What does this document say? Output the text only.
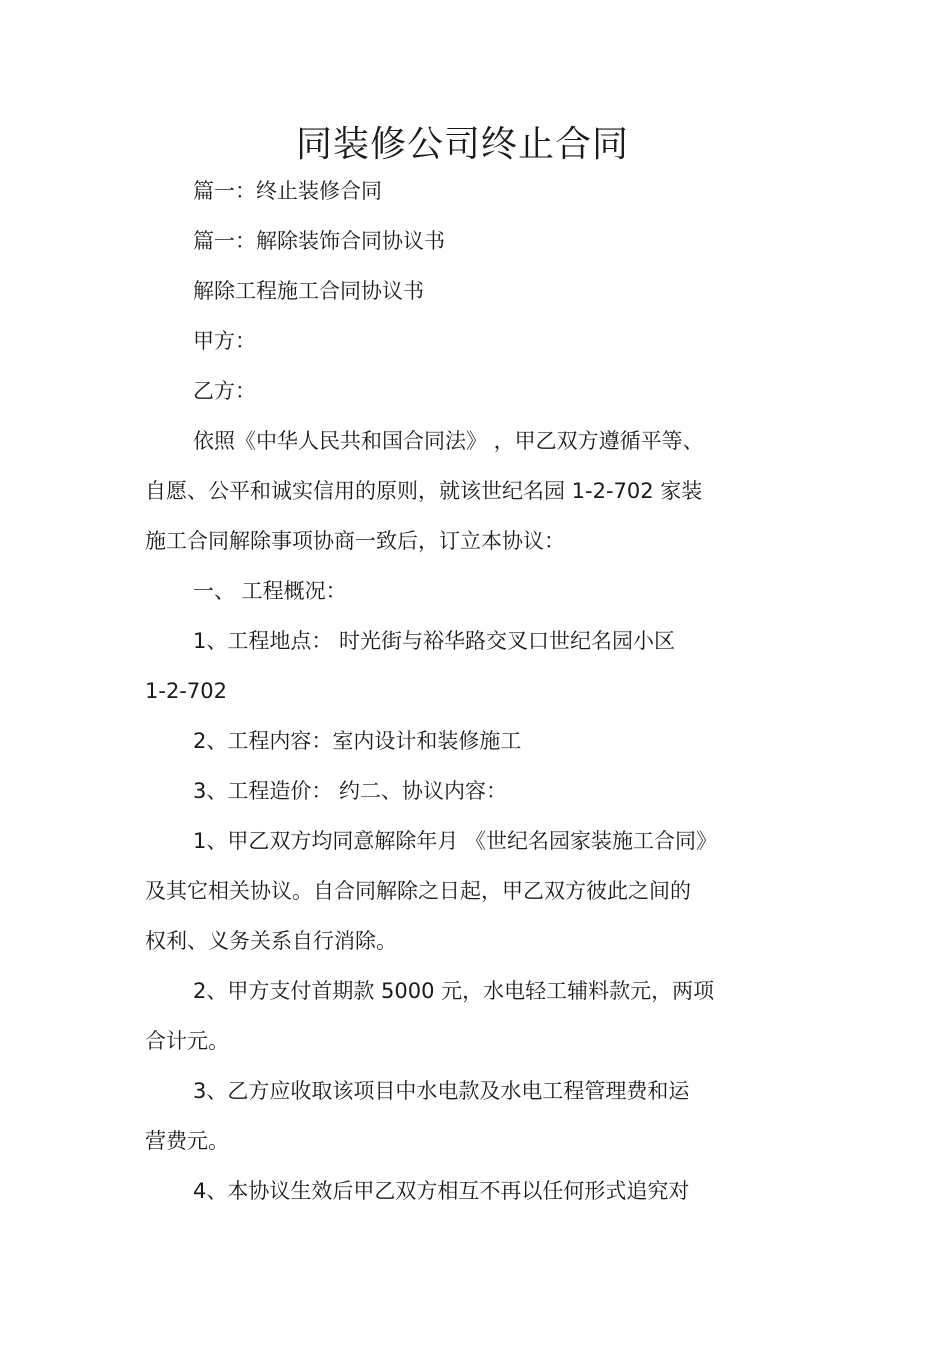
同装修公司终止合同
篇一：终止装修合同
篇一：解除装饰合同协议书
解除工程施工合同协议书
甲方：
乙方：
依照《中华人民共和国合同法》 ，甲乙双方遵循平等、
自愿、公平和诚实信用的原则，就该世纪名园 1-2-702 家装
施工合同解除事项协商一致后，订立本协议：
一、 工程概况：
1、工程地点： 时光街与裕华路交叉口世纪名园小区
1-2-702
2、工程内容：室内设计和装修施工
3、工程造价： 约二、协议内容：
1、甲乙双方均同意解除年月 《世纪名园家装施工合同》
及其它相关协议。自合同解除之日起，甲乙双方彼此之间的
权利、义务关系自行消除。
2、甲方支付首期款 5000 元，水电轻工辅料款元，两项
合计元。
3、乙方应收取该项目中水电款及水电工程管理费和运
营费元。
4、本协议生效后甲乙双方相互不再以任何形式追究对
